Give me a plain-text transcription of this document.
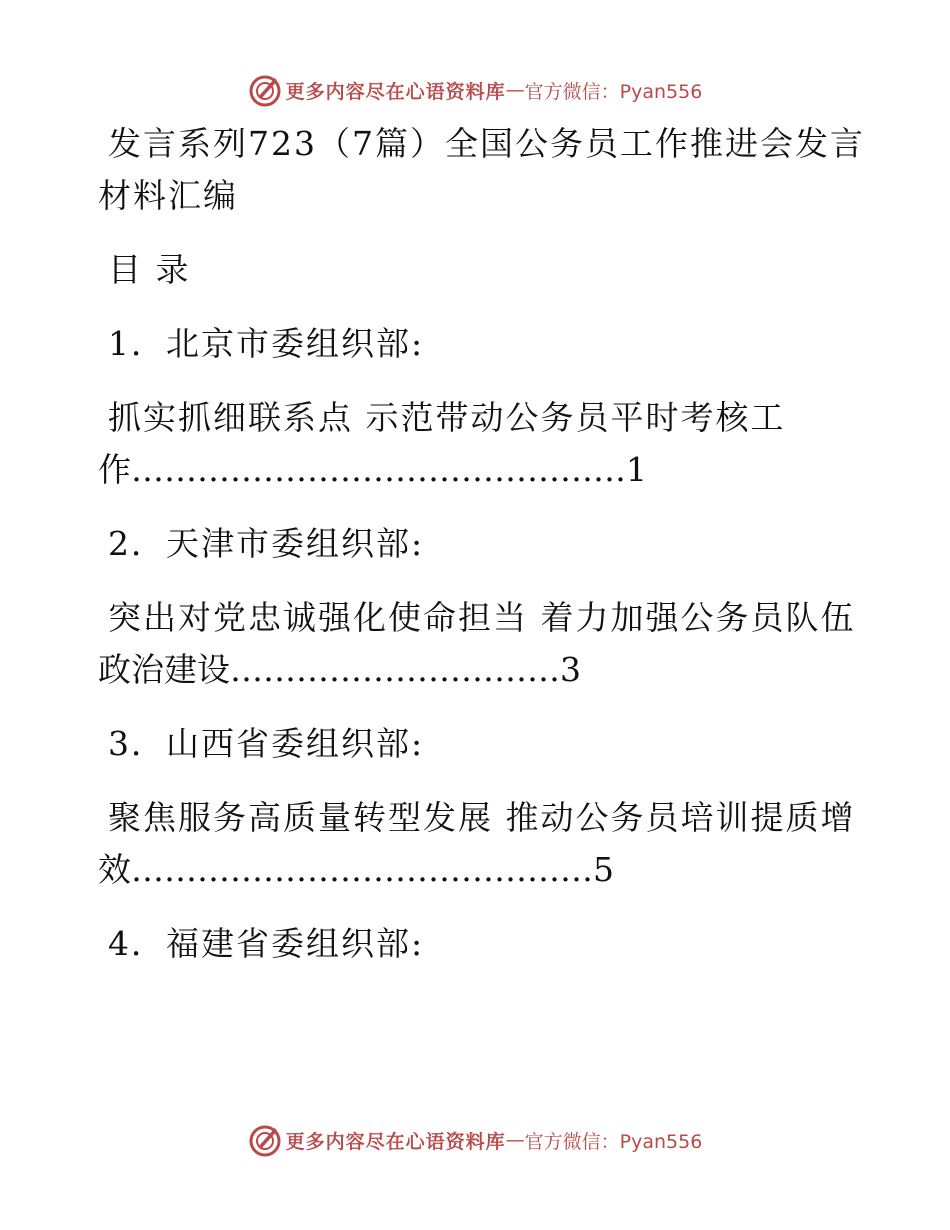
更多内容尽在心语资料库 — 官方微信：Pyan556
发言系列723（7篇）全国公务员工作推进会发言
材料汇编
目 录
1．北京市委组织部:
抓实抓细联系点 示范带动公务员平时考核工
作………………………………………1
2．天津市委组织部:
突出对党忠诚强化使命担当 着力加强公务员队伍
政治建设…………………………3
3．山西省委组织部:
聚焦服务高质量转型发展 推动公务员培训提质增
效……………………………………5
4．福建省委组织部:
更多内容尽在心语资料库 — 官方微信：Pyan556
